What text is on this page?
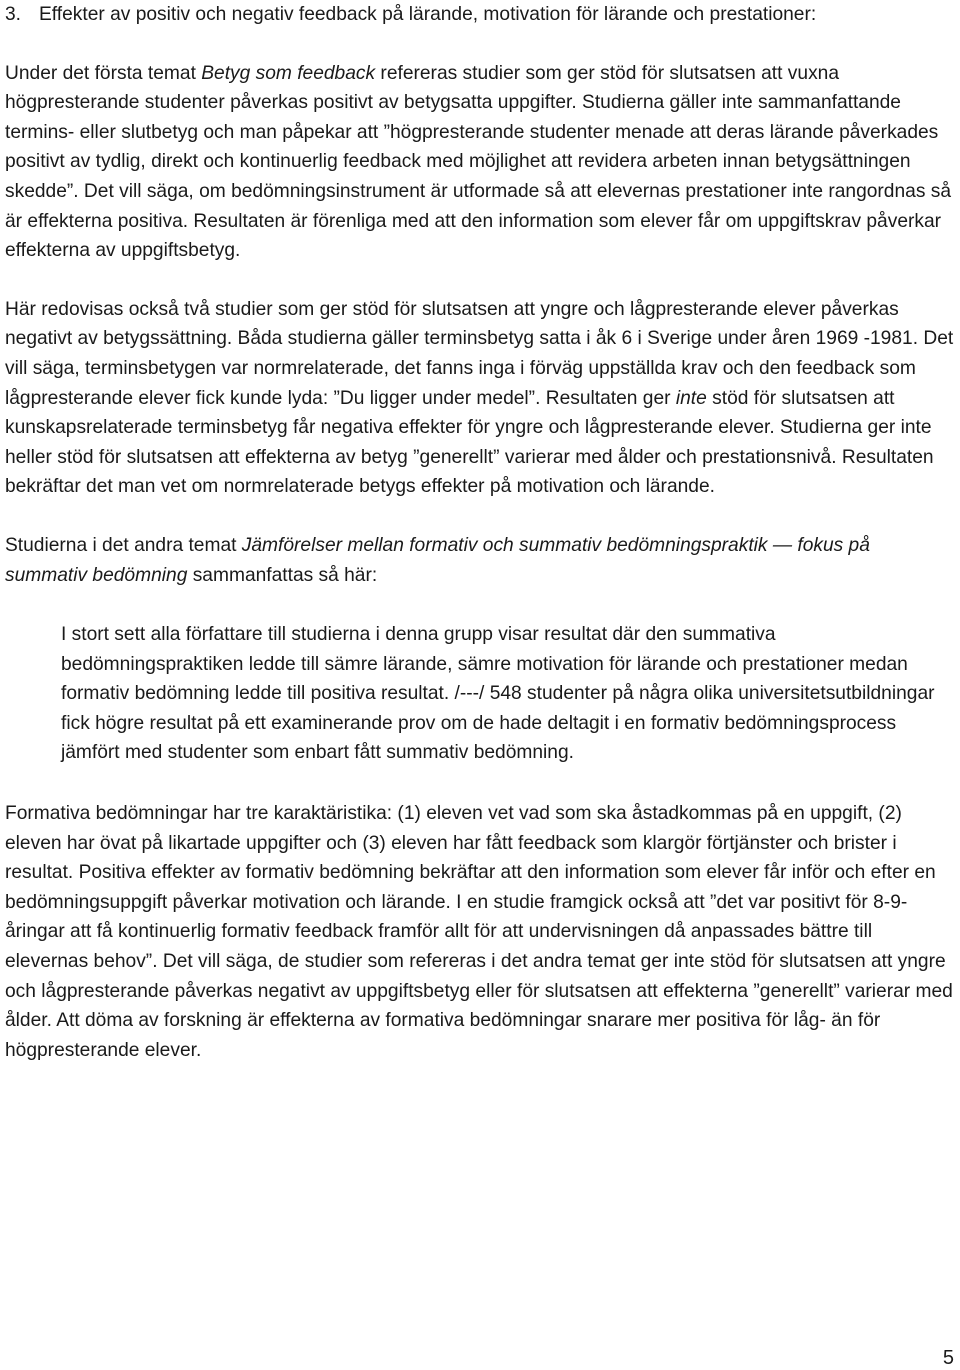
3. Effekter av positiv och negativ feedback på lärande, motivation för lärande och prestationer:

Under det första temat Betyg som feedback refereras studier som ger stöd för slutsatsen att vuxna högpresterande studenter påverkas positivt av betygsatta uppgifter. Studierna gäller inte sammanfattande termins- eller slutbetyg och man påpekar att ”högpresterande studenter menade att deras lärande påverkades positivt av tydlig, direkt och kontinuerlig feedback med möjlighet att revidera arbeten innan betygsättningen skedde”. Det vill säga, om bedömningsinstrument är utformade så att elevernas prestationer inte rangordnas så är effekterna positiva. Resultaten är förenliga med att den information som elever får om uppgiftskrav påverkar effekterna av uppgiftsbetyg.

Här redovisas också två studier som ger stöd för slutsatsen att yngre och lågpresterande elever påverkas negativt av betygssättning. Båda studierna gäller terminsbetyg satta i åk 6 i Sverige under åren 1969 -1981. Det vill säga, terminsbetygen var normrelaterade, det fanns inga i förväg uppställda krav och den feedback som lågpresterande elever fick kunde lyda: ”Du ligger under medel”. Resultaten ger inte stöd för slutsatsen att kunskapsrelaterade terminsbetyg får negativa effekter för yngre och lågpresterande elever. Studierna ger inte heller stöd för slutsatsen att effekterna av betyg ”generellt” varierar med ålder och prestationsnivå. Resultaten bekräftar det man vet om normrelaterade betygs effekter på motivation och lärande.

Studierna i det andra temat Jämförelser mellan formativ och summativ bedömningspraktik — fokus på summativ bedömning sammanfattas så här:

I stort sett alla författare till studierna i denna grupp visar resultat där den summativa bedömningspraktiken ledde till sämre lärande, sämre motivation för lärande och prestationer medan formativ bedömning ledde till positiva resultat. /---/ 548 studenter på några olika universitetsutbildningar fick högre resultat på ett examinerande prov om de hade deltagit i en formativ bedömningsprocess jämfört med studenter som enbart fått summativ bedömning.

Formativa bedömningar har tre karaktäristika: (1) eleven vet vad som ska åstadkommas på en uppgift, (2) eleven har övat på likartade uppgifter och (3) eleven har fått feedback som klargör förtjänster och brister i resultat. Positiva effekter av formativ bedömning bekräftar att den information som elever får inför och efter en bedömningsuppgift påverkar motivation och lärande. I en studie framgick också att ”det var positivt för 8-9-åringar att få kontinuerlig formativ feedback framför allt för att undervisningen då anpassades bättre till elevernas behov”. Det vill säga, de studier som refereras i det andra temat ger inte stöd för slutsatsen att yngre och lågpresterande påverkas negativt av uppgiftsbetyg eller för slutsatsen att effekterna ”generellt” varierar med ålder. Att döma av forskning är effekterna av formativa bedömningar snarare mer positiva för låg- än för högpresterande elever.

5
